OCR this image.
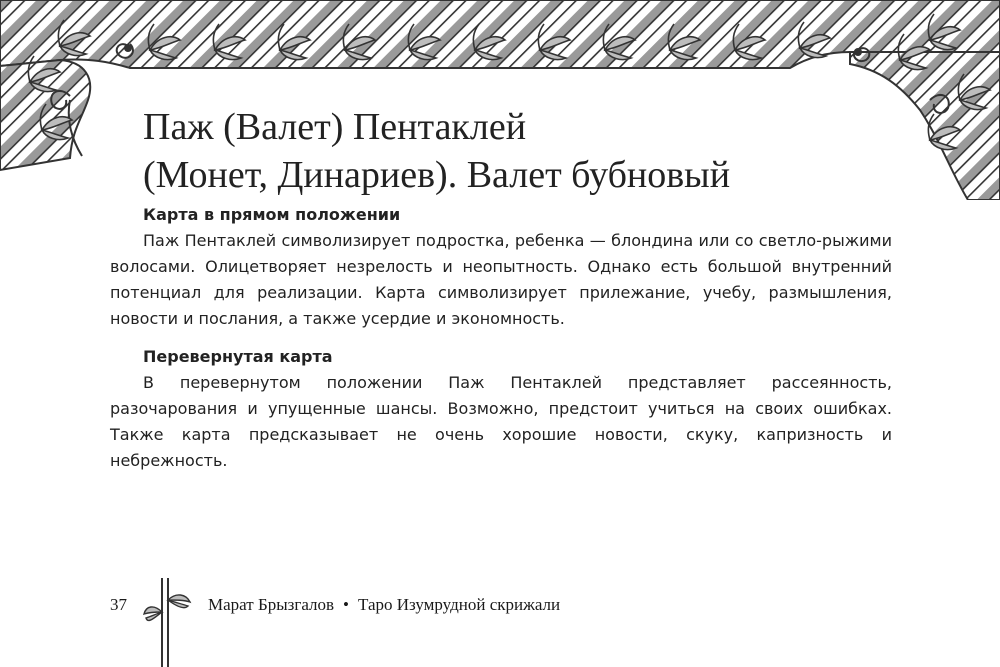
Паж (Валет) Пентаклей
(Монет, Динариев). Валет бубновый
Карта в прямом положении

Паж Пентаклей символизирует подростка, ребенка — блондина или со светло-рыжими волосами. Олицетворяет незрелость и неопытность. Однако есть большой внутренний потенциал для реализации. Карта символизирует прилежание, учебу, размышления, новости и послания, а также усердие и экономность.

Перевернутая карта

В перевернутом положении Паж Пентаклей представляет рассеянность, разочарования и упущенные шансы. Возможно, предстоит учиться на своих ошибках. Также карта предсказывает не очень хорошие новости, скуку, капризность и небрежность.

37	Марат Брызгалов • Таро Изумрудной скрижали
